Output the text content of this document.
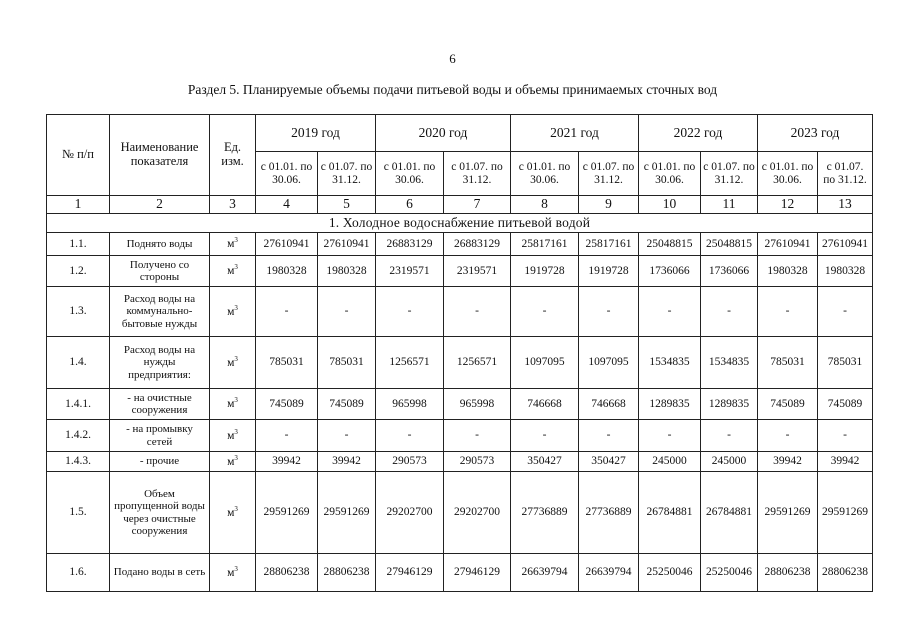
6
Раздел 5. Планируемые объемы подачи питьевой воды и объемы принимаемых сточных вод
№ п/п	Наименование показателя	Ед. изм.	2019 год		2020 год		2021 год		2022 год		2023 год	
			с 01.01. по 30.06.	с 01.07. по 31.12.	с 01.01. по 30.06.	с 01.07. по 31.12.	с 01.01. по 30.06.	с 01.07. по 31.12.	с 01.01. по 30.06.	с 01.07. по 31.12.	с 01.01. по 30.06.	с 01.07. по 31.12.
1	2	3	4	5	6	7	8	9	10	11	12	13
1. Холодное водоснабжение питьевой водой												
1.1.	Поднято воды	$м^3$	27610941	27610941	26883129	26883129	25817161	25817161	25048815	25048815	27610941	27610941
1.2.	Получено со стороны	$м^3$	1980328	1980328	2319571	2319571	1919728	1919728	1736066	1736066	1980328	1980328
1.3.	Расход воды на коммунально-бытовые нужды	$м^3$	-	-	-	-	-	-	-	-	-	-
1.4.	Расход воды на нужды предприятия:	$м^3$	785031	785031	1256571	1256571	1097095	1097095	1534835	1534835	785031	785031
1.4.1.	- на очистные сооружения	$м^3$	745089	745089	965998	965998	746668	746668	1289835	1289835	745089	745089
1.4.2.	- на промывку сетей	$м^3$	-	-	-	-	-	-	-	-	-	-
1.4.3.	- прочие	$м^3$	39942	39942	290573	290573	350427	350427	245000	245000	39942	39942
1.5.	Объем пропущенной воды через очистные сооружения	$м^3$	29591269	29591269	29202700	29202700	27736889	27736889	26784881	26784881	29591269	29591269
1.6.	Подано воды в сеть	$м^3$	28806238	28806238	27946129	27946129	26639794	26639794	25250046	25250046	28806238	28806238
